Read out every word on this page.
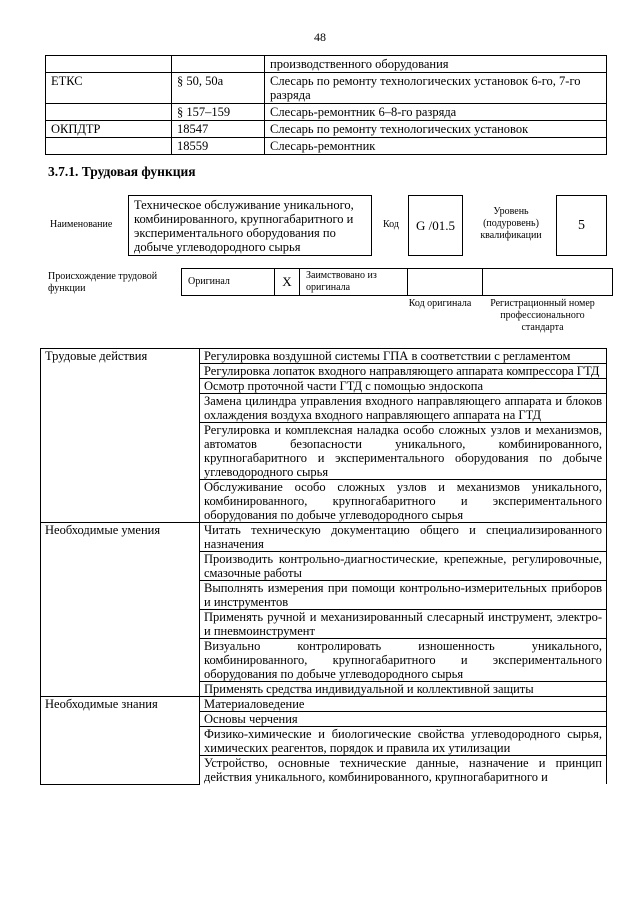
48
		производственного оборудования
ЕТКС	§ 50, 50а	Слесарь по ремонту технологических установок 6-го, 7-го разряда
	§ 157–159	Слесарь-ремонтник 6–8-го разряда
ОКПДТР	18547	Слесарь по ремонту технологических установок
	18559	Слесарь-ремонтник
3.7.1. Трудовая функция
Наименование
Техническое обслуживание уникального, комбинированного, крупногабаритного и экспериментального оборудования по добыче углеводородного сырья
Код	G /01.5
Уровень (подуровень) квалификации
5
Происхождение трудовой функции
Оригинал	X	Заимствовано из оригинала		
Код оригинала	Регистрационный номер профессионального стандарта
Трудовые действия	Регулировка воздушной системы ГПА в соответствии с регламентом
	Регулировка лопаток входного направляющего аппарата компрессора ГТД
	Осмотр проточной части ГТД с помощью эндоскопа
	Замена цилиндра управления входного направляющего аппарата и блоков охлаждения воздуха входного направляющего аппарата на ГТД
	Регулировка и комплексная наладка особо сложных узлов и механизмов, автоматов безопасности уникального, комбинированного, крупногабаритного и экспериментального оборудования по добыче углеводородного сырья
	Обслуживание особо сложных узлов и механизмов уникального, комбинированного, крупногабаритного и экспериментального оборудования по добыче углеводородного сырья
Необходимые умения	Читать техническую документацию общего и специализированного назначения
	Производить контрольно-диагностические, крепежные, регулировочные, смазочные работы
	Выполнять измерения при помощи контрольно-измерительных приборов и инструментов
	Применять ручной и механизированный слесарный инструмент, электро- и пневмоинструмент
	Визуально контролировать изношенность уникального, комбинированного, крупногабаритного и экспериментального оборудования по добыче углеводородного сырья
	Применять средства индивидуальной и коллективной защиты
Необходимые знания	Материаловедение
	Основы черчения
	Физико-химические и биологические свойства углеводородного сырья, химических реагентов, порядок и правила их утилизации
	Устройство, основные технические данные, назначение и принцип действия уникального, комбинированного, крупногабаритного и
